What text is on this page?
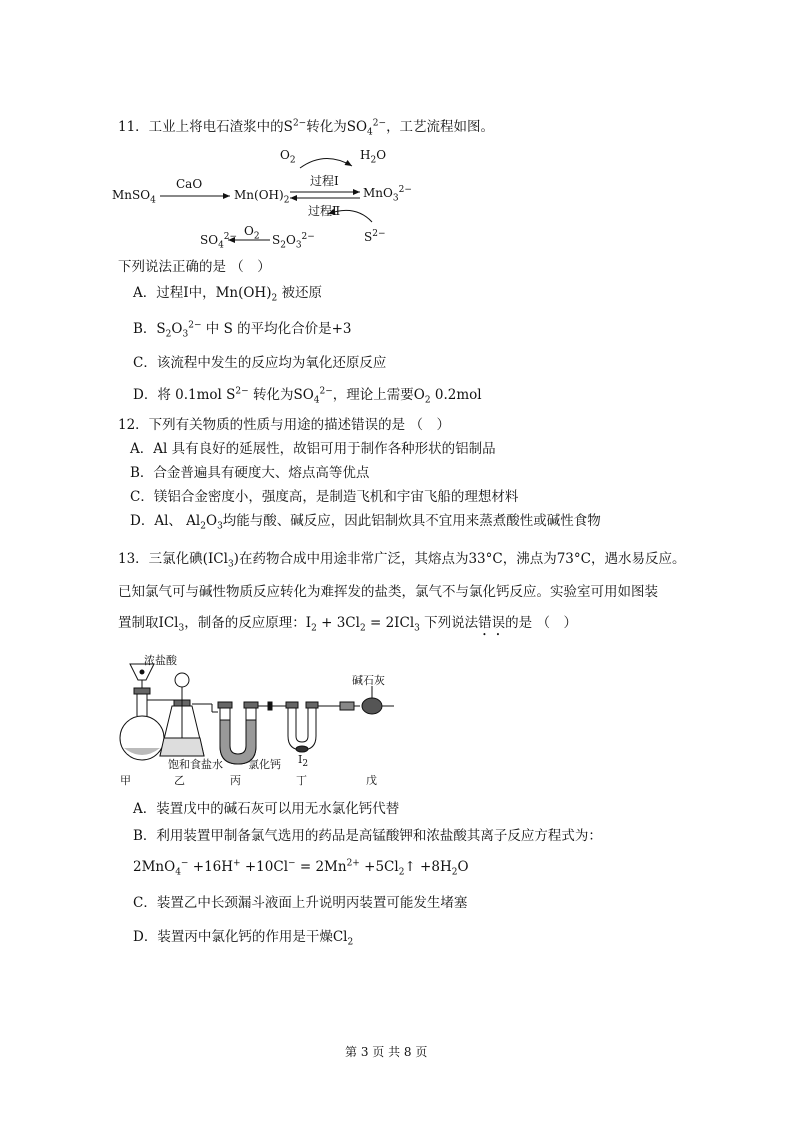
11．工业上将电石渣浆中的$S^{2-}$转化为$SO_4^{2-}$，工艺流程如图。
MnSO$_4$
CaO
$Mn(OH)_2$
MnO$_3^{2-}$
$O_2$	$H_2O$
过程Ⅰ
过程Ⅱ
$S^{2-}$
$S_2O_3^{2-}$
$SO_4^{2-}$ $O_2$
下列说法正确的是 （　）
A．过程Ⅰ中，$Mn(OH)_2$ 被还原
B．$S_2O_3^{2-}$ 中 S 的平均化合价是+3
C．该流程中发生的反应均为氧化还原反应
D．将 0.1mol $S^{2-}$ 转化为$SO_4^{2-}$，理论上需要$O_2$ 0.2mol
12．下列有关物质的性质与用途的描述错误的是 （　）
A．Al 具有良好的延展性，故铝可用于制作各种形状的铝制品
B．合金普遍具有硬度大、熔点高等优点
C．镁铝合金密度小，强度高，是制造飞机和宇宙飞船的理想材料
D．Al、 $Al_2O_3$均能与酸、碱反应，因此铝制炊具不宜用来蒸煮酸性或碱性食物
13．三氯化碘(ICl$_3$)在药物合成中用途非常广泛，其熔点为33°C，沸点为73°C，遇水易反应。
已知氯气可与碱性物质反应转化为难挥发的盐类，氯气不与氯化钙反应。实验室可用如图装
置制取ICl$_3$，制备的反应原理：$I_2 + 3Cl_2 = 2ICl_3$ 下列说法错误的是 （　）
浓盐酸
碱石灰
饱和食盐水 氯化钙 $I_2$
甲	乙	丙	丁	戊
A．装置戊中的碱石灰可以用无水氯化钙代替
B．利用装置甲制备氯气选用的药品是高锰酸钾和浓盐酸其离子反应方程式为：
$2MnO_4^- +16H^+ +10Cl^- = 2Mn^{2+}$ $+5Cl_2↑ +8H_2O$
C．装置乙中长颈漏斗液面上升说明丙装置可能发生堵塞
D．装置丙中氯化钙的作用是干燥$Cl_2$
第 3 页 共 8 页
